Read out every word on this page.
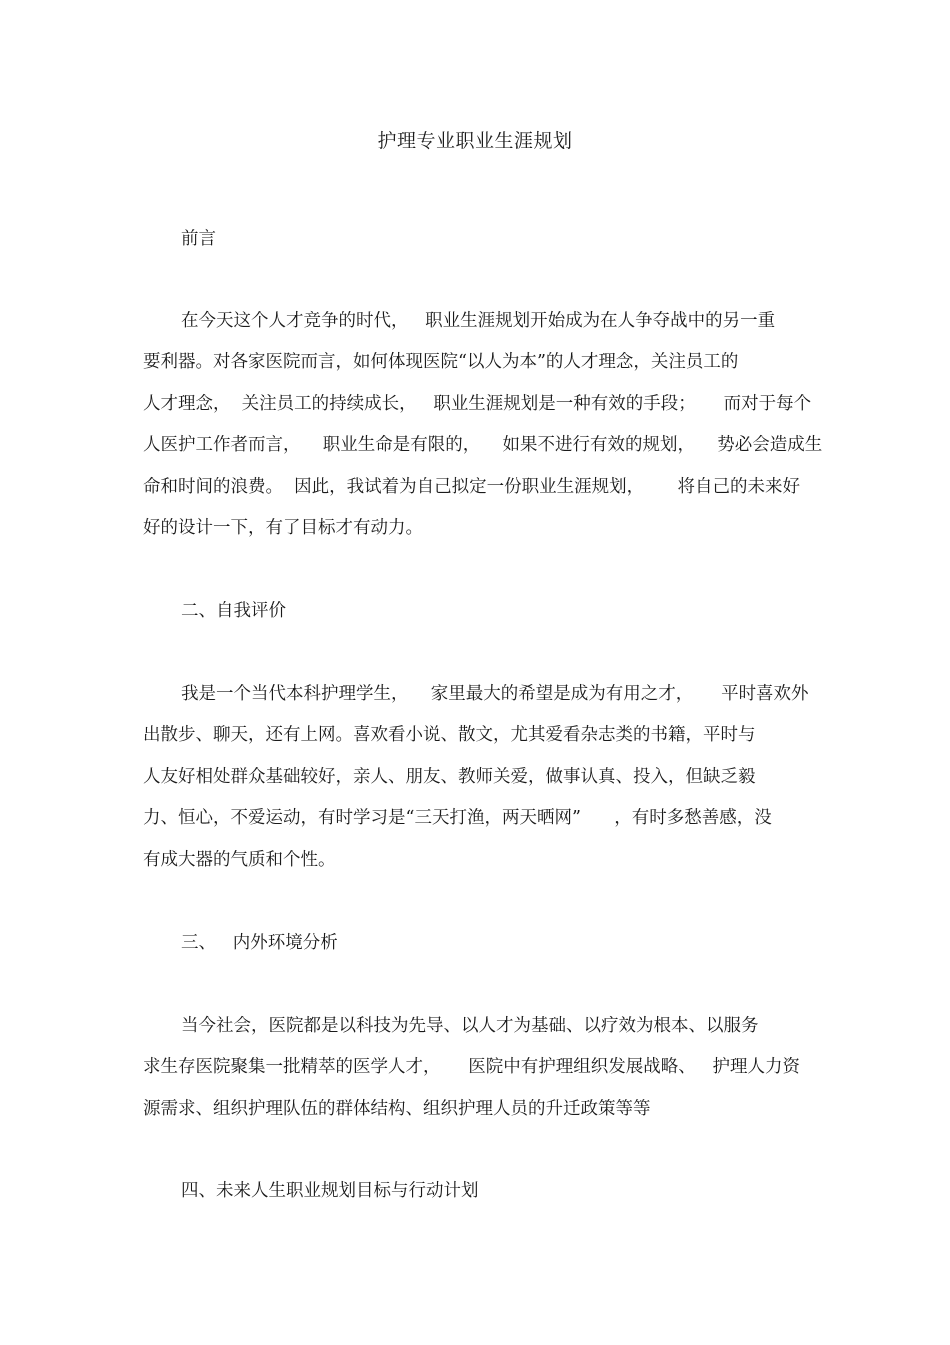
护理专业职业生涯规划
前言
在今天这个人才竞争的时代，   职业生涯规划开始成为在人争夺战中的另一重
要利器。对各家医院而言，如何体现医院“以人为本”的人才理念，关注员工的
人才理念，  关注员工的持续成长，   职业生涯规划是一种有效的手段；     而对于每个
人医护工作者而言，    职业生命是有限的，    如果不进行有效的规划，    势必会造成生
命和时间的浪费。  因此，我试着为自己拟定一份职业生涯规划，      将自己的未来好
好的设计一下，有了目标才有动力。
二、自我评价
我是一个当代本科护理学生，    家里最大的希望是成为有用之才，     平时喜欢外
出散步、聊天，还有上网。喜欢看小说、散文，尤其爱看杂志类的书籍，平时与
人友好相处群众基础较好，亲人、朋友、教师关爱，做事认真、投入，但缺乏毅
力、恒心，不爱运动，有时学习是“三天打渔，两天晒网”      ，有时多愁善感，没
有成大器的气质和个性。
三、   内外环境分析
当今社会，医院都是以科技为先导、以人才为基础、以疗效为根本、以服务
求生存医院聚集一批精萃的医学人才，     医院中有护理组织发展战略、   护理人力资
源需求、组织护理队伍的群体结构、组织护理人员的升迁政策等等
四、未来人生职业规划目标与行动计划
